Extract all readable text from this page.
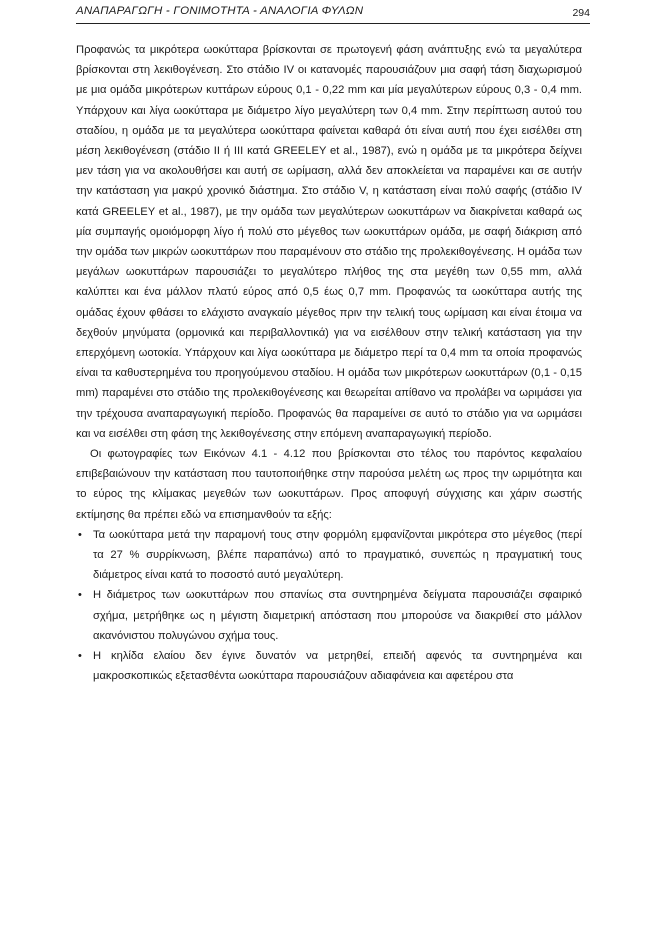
ΑΝΑΠΑΡΑΓΩΓΗ - ΓΟΝΙΜΟΤΗΤΑ - ΑΝΑΛΟΓΙΑ ΦΥΛΩΝ	294

Προφανώς τα μικρότερα ωοκύτταρα βρίσκονται σε πρωτογενή φάση ανάπτυξης ενώ τα μεγαλύτερα βρίσκονται στη λεκιθογένεση. Στο στάδιο IV οι κατανομές παρουσιάζουν μια σαφή τάση διαχωρισμού με μια ομάδα μικρότερων κυττάρων εύρους 0,1 - 0,22 mm και μία μεγαλύτερων εύρους 0,3 - 0,4 mm. Υπάρχουν και λίγα ωοκύτταρα με διάμετρο λίγο μεγαλύτερη των 0,4 mm. Στην περίπτωση αυτού του σταδίου, η ομάδα με τα μεγαλύτερα ωοκύτταρα φαίνεται καθαρά ότι είναι αυτή που έχει εισέλθει στη μέση λεκιθογένεση (στάδιο ΙΙ ή ΙΙΙ κατά GREELEY et al., 1987), ενώ η ομάδα με τα μικρότερα δείχνει μεν τάση για να ακολουθήσει και αυτή σε ωρίμαση, αλλά δεν αποκλείεται να παραμένει και σε αυτήν την κατάσταση για μακρύ χρονικό διάστημα. Στο στάδιο V, η κατάσταση είναι πολύ σαφής (στάδιο IV κατά GREELEY et al., 1987), με την ομάδα των μεγαλύτερων ωοκυττάρων να διακρίνεται καθαρά ως μία συμπαγής ομοιόμορφη λίγο ή πολύ στο μέγεθος των ωοκυττάρων ομάδα, με σαφή διάκριση από την ομάδα των μικρών ωοκυττάρων που παραμένουν στο στάδιο της προλεκιθογένεσης. Η ομάδα των μεγάλων ωοκυττάρων παρουσιάζει το μεγαλύτερο πλήθος της στα μεγέθη των 0,55 mm, αλλά καλύπτει και ένα μάλλον πλατύ εύρος από 0,5 έως 0,7 mm. Προφανώς τα ωοκύτταρα αυτής της ομάδας έχουν φθάσει το ελάχιστο αναγκαίο μέγεθος πριν την τελική τους ωρίμαση και είναι έτοιμα να δεχθούν μηνύματα (ορμονικά και περιβαλλοντικά) για να εισέλθουν στην τελική κατάσταση για την επερχόμενη ωοτοκία. Υπάρχουν και λίγα ωοκύτταρα με διάμετρο περί τα 0,4 mm τα οποία προφανώς είναι τα καθυστερημένα του προηγούμενου σταδίου. Η ομάδα των μικρότερων ωοκυττάρων (0,1 - 0,15 mm) παραμένει στο στάδιο της προλεκιθογένεσης και θεωρείται απίθανο να προλάβει να ωριμάσει για την τρέχουσα αναπαραγωγική περίοδο. Προφανώς θα παραμείνει σε αυτό το στάδιο για να ωριμάσει και να εισέλθει στη φάση της λεκιθογένεσης στην επόμενη αναπαραγωγική περίοδο.

Οι φωτογραφίες των Εικόνων 4.1 - 4.12 που βρίσκονται στο τέλος του παρόντος κεφαλαίου επιβεβαιώνουν την κατάσταση που ταυτοποιήθηκε στην παρούσα μελέτη ως προς την ωριμότητα και το εύρος της κλίμακας μεγεθών των ωοκυττάρων. Προς αποφυγή σύγχισης και χάριν σωστής εκτίμησης θα πρέπει εδώ να επισημανθούν τα εξής:

• Τα ωοκύτταρα μετά την παραμονή τους στην φορμόλη εμφανίζονται μικρότερα στο μέγεθος (περί τα 27 % συρρίκνωση, βλέπε παραπάνω) από το πραγματικό, συνεπώς η πραγματική τους διάμετρος είναι κατά το ποσοστό αυτό μεγαλύτερη.
• Η διάμετρος των ωοκυττάρων που σπανίως στα συντηρημένα δείγματα παρουσιάζει σφαιρικό σχήμα, μετρήθηκε ως η μέγιστη διαμετρική απόσταση που μπορούσε να διακριθεί στο μάλλον ακανόνιστου πολυγώνου σχήμα τους.
• Η κηλίδα ελαίου δεν έγινε δυνατόν να μετρηθεί, επειδή αφενός τα συντηρημένα και μακροσκοπικώς εξετασθέντα ωοκύτταρα παρουσιάζουν αδιαφάνεια και αφετέρου στα
